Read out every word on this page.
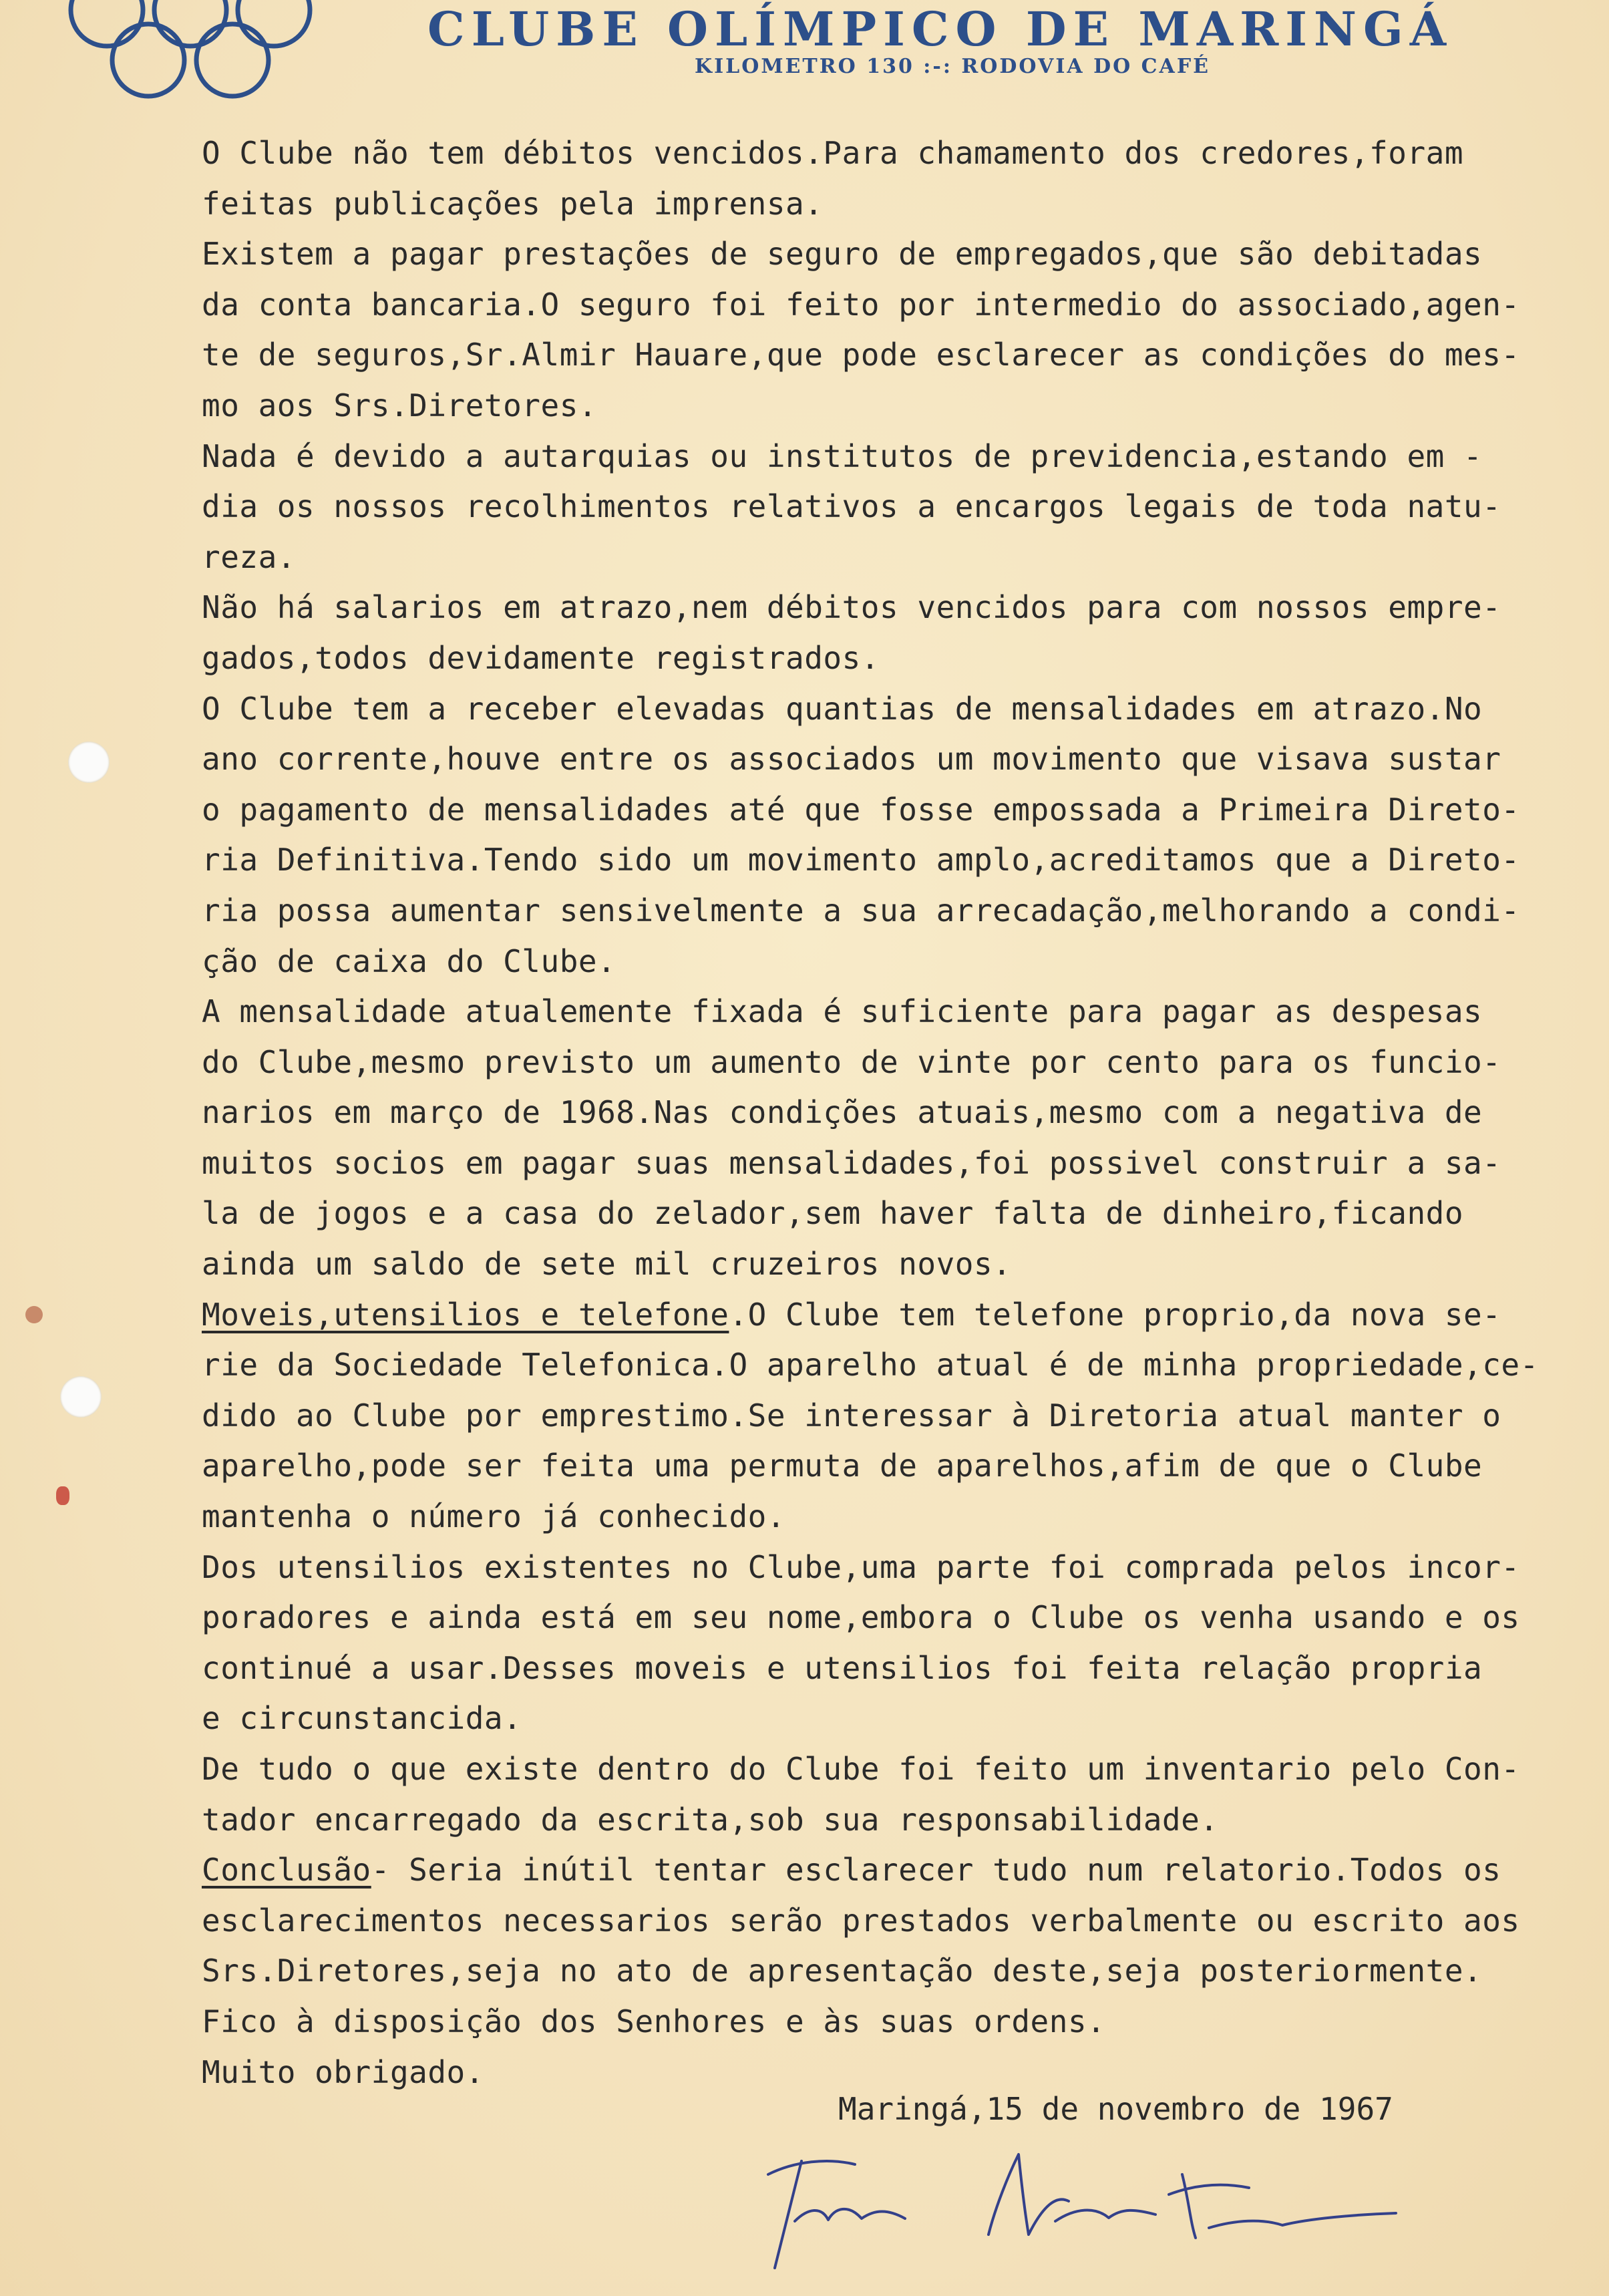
CLUBE OLÍMPICO DE MARINGÁ
KILOMETRO 130 :-: RODOVIA DO CAFÉ
O Clube não tem débitos vencidos.Para chamamento dos credores,foram
feitas publicações pela imprensa.
Existem a pagar prestações de seguro de empregados,que são debitadas
da conta bancaria.O seguro foi feito por intermedio do associado,agen-
te de seguros,Sr.Almir Hauare,que pode esclarecer as condições do mes-
mo aos Srs.Diretores.
Nada é devido a autarquias ou institutos de previdencia,estando em -
dia os nossos recolhimentos relativos a encargos legais de toda natu-
reza.
Não há salarios em atrazo,nem débitos vencidos para com nossos empre-
gados,todos devidamente registrados.
O Clube tem a receber elevadas quantias de mensalidades em atrazo.No
ano corrente,houve entre os associados um movimento que visava sustar
o pagamento de mensalidades até que fosse empossada a Primeira Direto-
ria Definitiva.Tendo sido um movimento amplo,acreditamos que a Direto-
ria possa aumentar sensivelmente a sua arrecadação,melhorando a condi-
ção de caixa do Clube.
A mensalidade atualemente fixada é suficiente para pagar as despesas
do Clube,mesmo previsto um aumento de vinte por cento para os funcio-
narios em março de 1968.Nas condições atuais,mesmo com a negativa de
muitos socios em pagar suas mensalidades,foi possivel construir a sa-
la de jogos e a casa do zelador,sem haver falta de dinheiro,ficando
ainda um saldo de sete mil cruzeiros novos.
Moveis,utensilios e telefone.O Clube tem telefone proprio,da nova se-
rie da Sociedade Telefonica.O aparelho atual é de minha propriedade,ce-
dido ao Clube por emprestimo.Se interessar à Diretoria atual manter o
aparelho,pode ser feita uma permuta de aparelhos,afim de que o Clube
mantenha o número já conhecido.
Dos utensilios existentes no Clube,uma parte foi comprada pelos incor-
poradores e ainda está em seu nome,embora o Clube os venha usando e os
continué a usar.Desses moveis e utensilios foi feita relação propria
e circunstancida.
De tudo o que existe dentro do Clube foi feito um inventario pelo Con-
tador encarregado da escrita,sob sua responsabilidade.
Conclusão- Seria inútil tentar esclarecer tudo num relatorio.Todos os
esclarecimentos necessarios serão prestados verbalmente ou escrito aos
Srs.Diretores,seja no ato de apresentação deste,seja posteriormente.
Fico à disposição dos Senhores e às suas ordens.
Muito obrigado.
Maringá,15 de novembro de 1967
